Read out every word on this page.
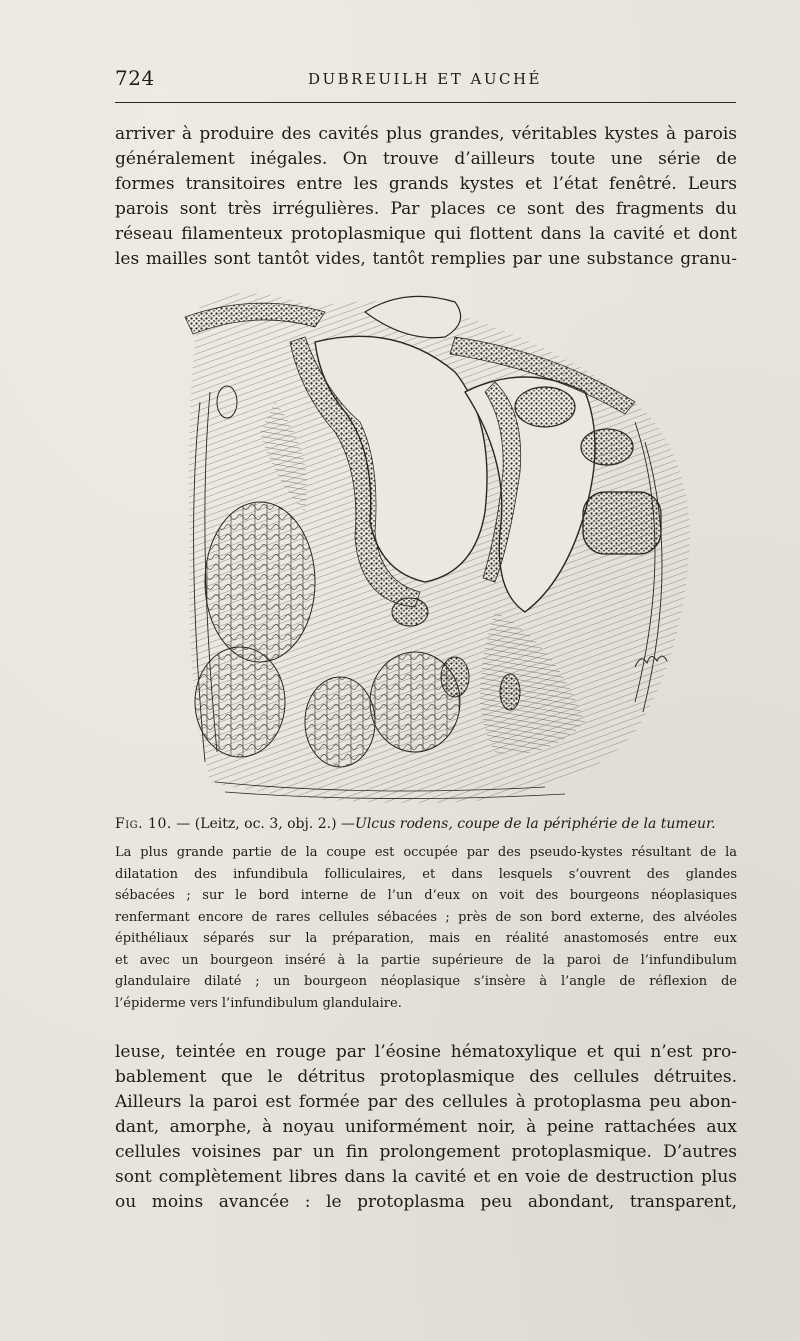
724	DUBREUILH ET AUCHÉ

arriver à produire des cavités plus grandes, véritables kystes à parois
généralement inégales. On trouve d’ailleurs toute une série de
formes transitoires entre les grands kystes et l’état fenêtré. Leurs
parois sont très irrégulières. Par places ce sont des fragments du
réseau filamenteux protoplasmique qui flottent dans la cavité et dont
les mailles sont tantôt vides, tantôt remplies par une substance granu-

Fig. 10. — (Leitz, oc. 3, obj. 2.) —Ulcus rodens, coupe de la périphérie de la tumeur.

La plus grande partie de la coupe est occupée par des pseudo-kystes résultant de la
dilatation des infundibula folliculaires, et dans lesquels s’ouvrent des glandes
sébacées ; sur le bord interne de l’un d’eux on voit des bourgeons néoplasiques
renfermant encore de rares cellules sébacées ; près de son bord externe, des alvéoles
épithéliaux séparés sur la préparation, mais en réalité anastomosés entre eux
et avec un bourgeon inséré à la partie supérieure de la paroi de l’infundibulum
glandulaire dilaté ; un bourgeon néoplasique s’insère à l’angle de réflexion de
l’épiderme vers l’infundibulum glandulaire.

leuse, teintée en rouge par l’éosine hématoxylique et qui n’est pro-
bablement que le détritus protoplasmique des cellules détruites.
Ailleurs la paroi est formée par des cellules à protoplasma peu abon-
dant, amorphe, à noyau uniformément noir, à peine rattachées aux
cellules voisines par un fin prolongement protoplasmique. D’autres
sont complètement libres dans la cavité et en voie de destruction plus
ou moins avancée : le protoplasma peu abondant, transparent,
